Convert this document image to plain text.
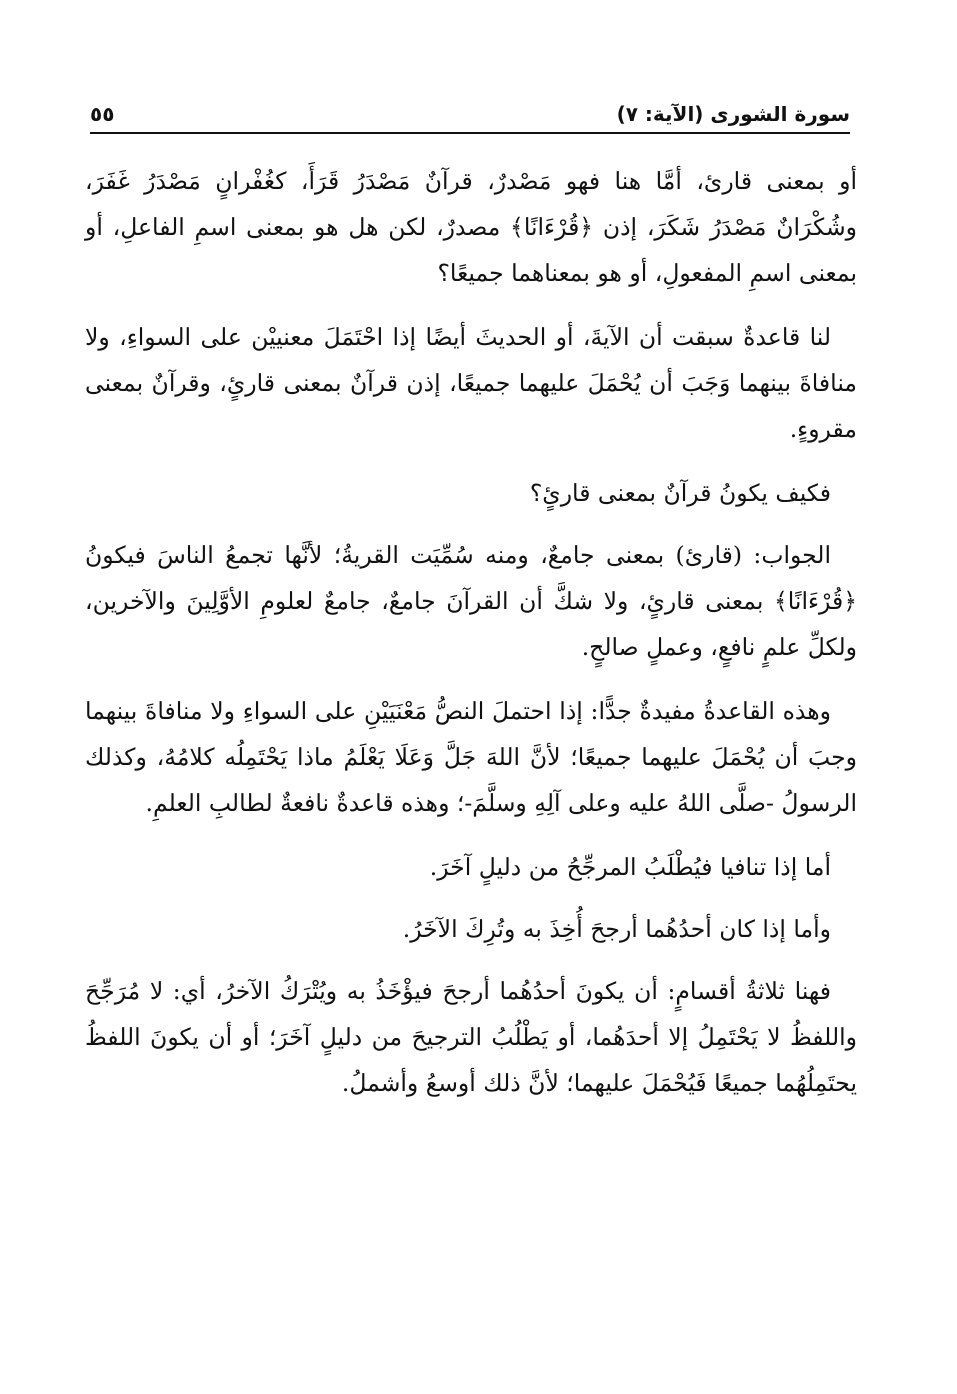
سورة الشورى (الآية: ٧)
٥٥

أو بمعنى قارئ، أمَّا هنا فهو مَصْدرٌ، قرآنٌ مَصْدَرُ قَرَأَ، كغُفْرانٍ مَصْدَرُ غَفَرَ، وشُكْرَانٌ مَصْدَرُ شَكَرَ، إذن ﴿قُرْءَانًا﴾ مصدرٌ، لكن هل هو بمعنى اسمِ الفاعلِ، أو بمعنى اسمِ المفعولِ، أو هو بمعناهما جميعًا؟

لنا قاعدةٌ سبقت أن الآيةَ، أو الحديثَ أيضًا إذا احْتَمَلَ معنييْن على السواءِ، ولا منافاةَ بينهما وَجَبَ أن يُحْمَلَ عليهما جميعًا، إذن قرآنٌ بمعنى قارئٍ، وقرآنٌ بمعنى مقروءٍ.

فكيف يكونُ قرآنٌ بمعنى قارئٍ؟

الجواب: (قارئ) بمعنى جامعٌ، ومنه سُمِّيَت القريةُ؛ لأنَّها تجمعُ الناسَ فيكونُ ﴿قُرْءَانًا﴾ بمعنى قارئٍ، ولا شكَّ أن القرآنَ جامعٌ، جامعٌ لعلومِ الأوَّلِينَ والآخرين، ولكلِّ علمٍ نافعٍ، وعملٍ صالحٍ.

وهذه القاعدةُ مفيدةٌ جدًّا: إذا احتملَ النصُّ مَعْنَيَيْنِ على السواءِ ولا منافاةَ بينهما وجبَ أن يُحْمَلَ عليهما جميعًا؛ لأنَّ اللهَ جَلَّ وَعَلَا يَعْلَمُ ماذا يَحْتَمِلُه كلامُهُ، وكذلك الرسولُ -صلَّى اللهُ عليه وعلى آلِهِ وسلَّمَ-؛ وهذه قاعدةٌ نافعةٌ لطالبِ العلمِ.

أما إذا تنافيا فيُطْلَبُ المرجِّحُ من دليلٍ آخَرَ.

وأما إذا كان أحدُهُما أرجحَ أُخِذَ به وتُرِكَ الآخَرُ.

فهنا ثلاثةُ أقسامٍ: أن يكونَ أحدُهُما أرجحَ فيؤْخَذُ به ويُتْرَكُ الآخرُ، أي: لا مُرَجِّحَ واللفظُ لا يَحْتَمِلُ إلا أحدَهُما، أو يَطْلُبُ الترجيحَ من دليلٍ آخَرَ؛ أو أن يكونَ اللفظُ يحتَمِلُهُما جميعًا فَيُحْمَلَ عليهما؛ لأنَّ ذلك أوسعُ وأشملُ.
